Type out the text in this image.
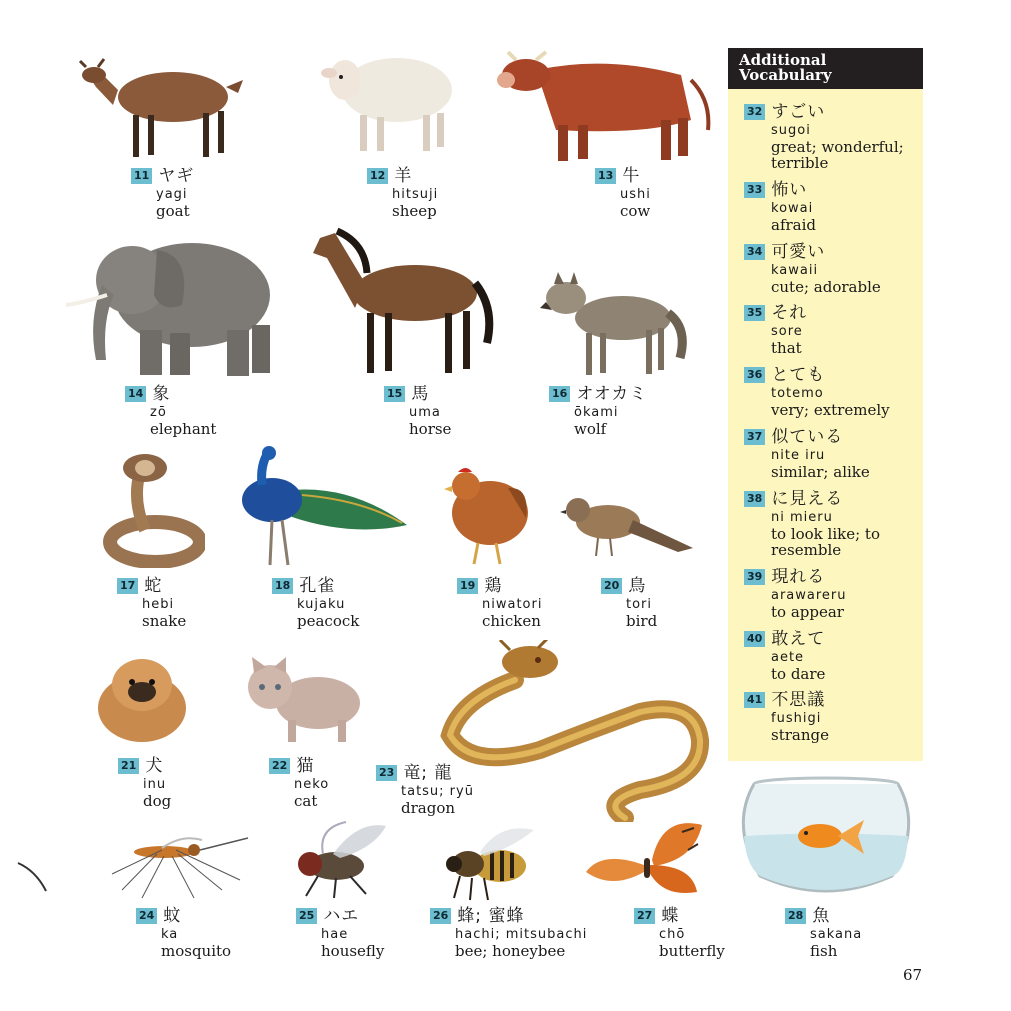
11 ヤギ
yagi
goat
12 羊
hitsuji
sheep
13 牛
ushi
cow
14 象
zō
elephant
15 馬
uma
horse
16 オオカミ
ōkami
wolf
17 蛇
hebi
snake
18 孔雀
kujaku
peacock
19 鶏
niwatori
chicken
20 鳥
tori
bird
21 犬
inu
dog
22 猫
neko
cat
23 竜; 龍
tatsu; ryū
dragon
24 蚊
ka
mosquito
25 ハエ
hae
housefly
26 蜂; 蜜蜂
hachi; mitsubachi
bee; honeybee
27 蝶
chō
butterfly
28 魚
sakana
fish
Additional
Vocabulary
32 すごい
sugoi
great; wonderful;
terrible
33 怖い
kowai
afraid
34 可愛い
kawaii
cute; adorable
35 それ
sore
that
36 とても
totemo
very; extremely
37 似ている
nite iru
similar; alike
38 に見える
ni mieru
to look like; to
resemble
39 現れる
arawareru
to appear
40 敢えて
aete
to dare
41 不思議
fushigi
strange
67
